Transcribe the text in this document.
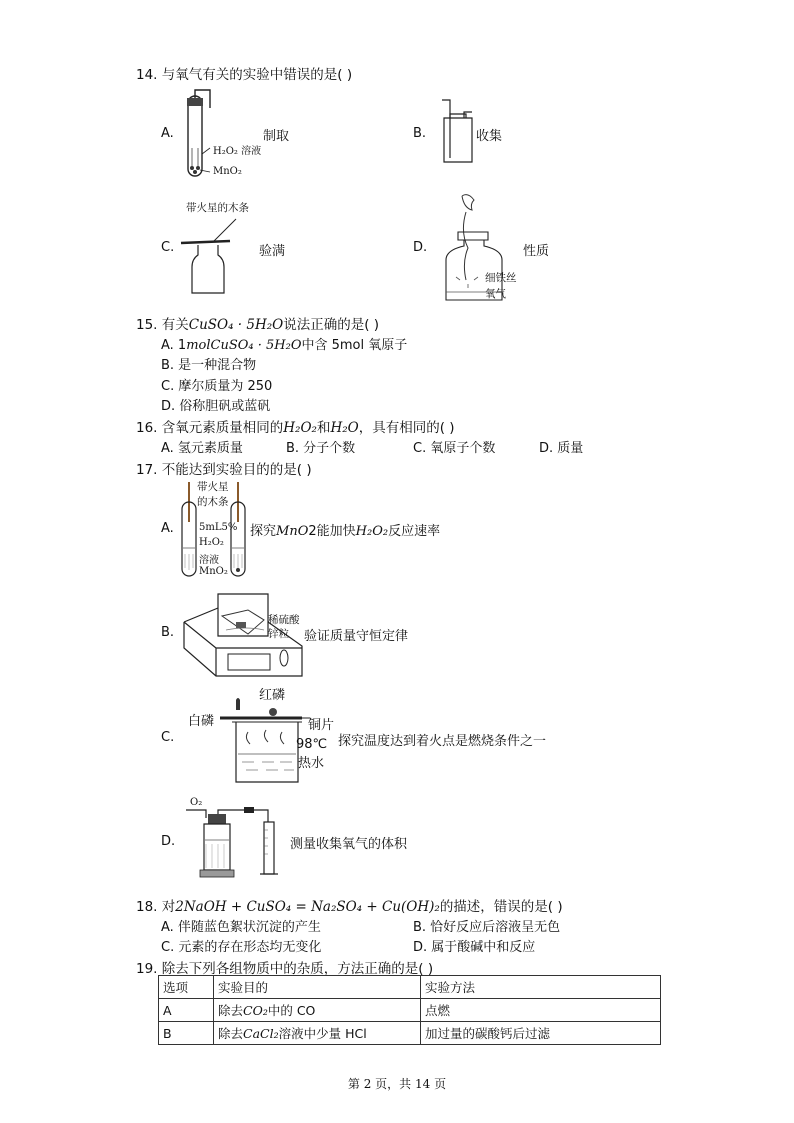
14. 与氧气有关的实验中错误的是( )
A.
H₂O₂ 溶液
MnO₂
制取	B.	收集
带火星的木条
C.	验满	D.
细铁丝
氧气
性质
15. 有关CuSO₄ · 5H₂O说法正确的是( )
A. 1molCuSO₄ · 5H₂O中含 5mol 氧原子
B. 是一种混合物
C. 摩尔质量为 250
D. 俗称胆矾或蓝矾
16. 含氧元素质量相同的H₂O₂和H₂O，具有相同的( )
A. 氢元素质量	B. 分子个数	C. 氧原子个数	D. 质量
17. 不能达到实验目的的是( )
带火星
的木条
A.	5mL5%
H₂O₂
溶液
MnO₂
探究MnO2能加快H₂O₂反应速率
B.
稀硫酸
锌粒 验证质量守恒定律
红磷
白磷
C.
铜片
98℃
热水
探究温度达到着火点是燃烧条件之一
O₂
D.	测量收集氧气的体积
18. 对2NaOH + CuSO₄ = Na₂SO₄ + Cu(OH)₂的描述，错误的是( )
A. 伴随蓝色絮状沉淀的产生	B. 恰好反应后溶液呈无色
C. 元素的存在形态均无变化	D. 属于酸碱中和反应
19. 除去下列各组物质中的杂质，方法正确的是( )
选项	实验目的	实验方法
A	除去CO₂中的 CO	点燃
B	除去CaCl₂溶液中少量 HCl	加过量的碳酸钙后过滤
第 2 页，共 14 页
